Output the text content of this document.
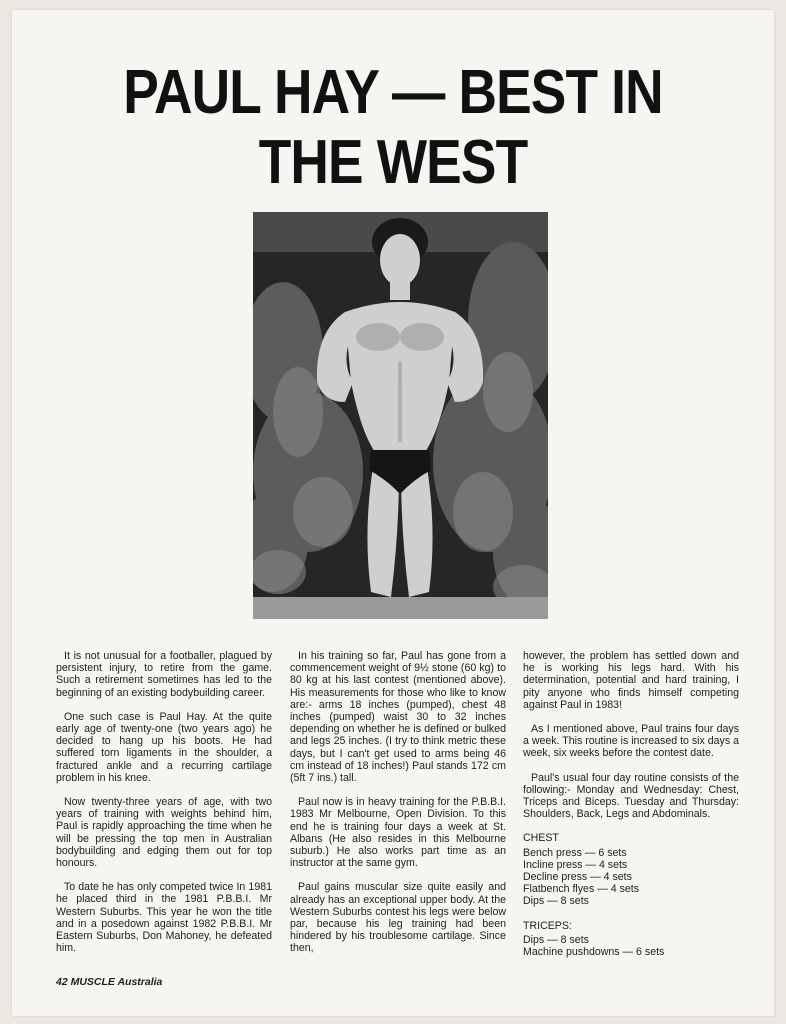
PAUL HAY — BEST IN
THE WEST

It is not unusual for a footballer, plagued by persistent injury, to retire from the game. Such a retirement sometimes has led to the beginning of an existing bodybuilding career.

One such case is Paul Hay. At the quite early age of twenty-one (two years ago) he decided to hang up his boots. He had suffered torn ligaments in the shoulder, a fractured ankle and a recurring cartilage problem in his knee.

Now twenty-three years of age, with two years of training with weights behind him, Paul is rapidly approaching the time when he will be pressing the top men in Australian bodybuilding and edging them out for top honours.

To date he has only competed twice In 1981 he placed third in the 1981 P.B.B.I. Mr Western Suburbs. This year he won the title and in a posedown against 1982 P.B.B.I. Mr Eastern Suburbs, Don Mahoney, he defeated him.

In his training so far, Paul has gone from a commencement weight of 9½ stone (60 kg) to 80 kg at his last contest (mentioned above). His measurements for those who like to know are:- arms 18 inches (pumped), chest 48 inches (pumped) waist 30 to 32 inches depending on whether he is defined or bulked and legs 25 inches. (I try to think metric these days, but I can't get used to arms being 46 cm instead of 18 inches!) Paul stands 172 cm (5ft 7 ins.) tall.

Paul now is in heavy training for the P.B.B.I. 1983 Mr Melbourne, Open Division. To this end he is training four days a week at St. Albans (He also resides in this Melbourne suburb.) He also works part time as an instructor at the same gym.

Paul gains muscular size quite easily and already has an exceptional upper body. At the Western Suburbs contest his legs were below par, because his leg training had been hindered by his troublesome cartilage. Since then,

however, the problem has settled down and he is working his legs hard. With his determination, potential and hard training, I pity anyone who finds himself competing against Paul in 1983!

As I mentioned above, Paul trains four days a week. This routine is increased to six days a week, six weeks before the contest date.

Paul's usual four day routine consists of the following:- Monday and Wednesday: Chest, Triceps and Biceps. Tuesday and Thursday: Shoulders, Back, Legs and Abdominals.

CHEST
Bench press — 6 sets
Incline press — 4 sets
Decline press — 4 sets
Flatbench flyes — 4 sets
Dips — 8 sets
TRICEPS:
Dips — 8 sets
Machine pushdowns — 6 sets
42 MUSCLE Australia
